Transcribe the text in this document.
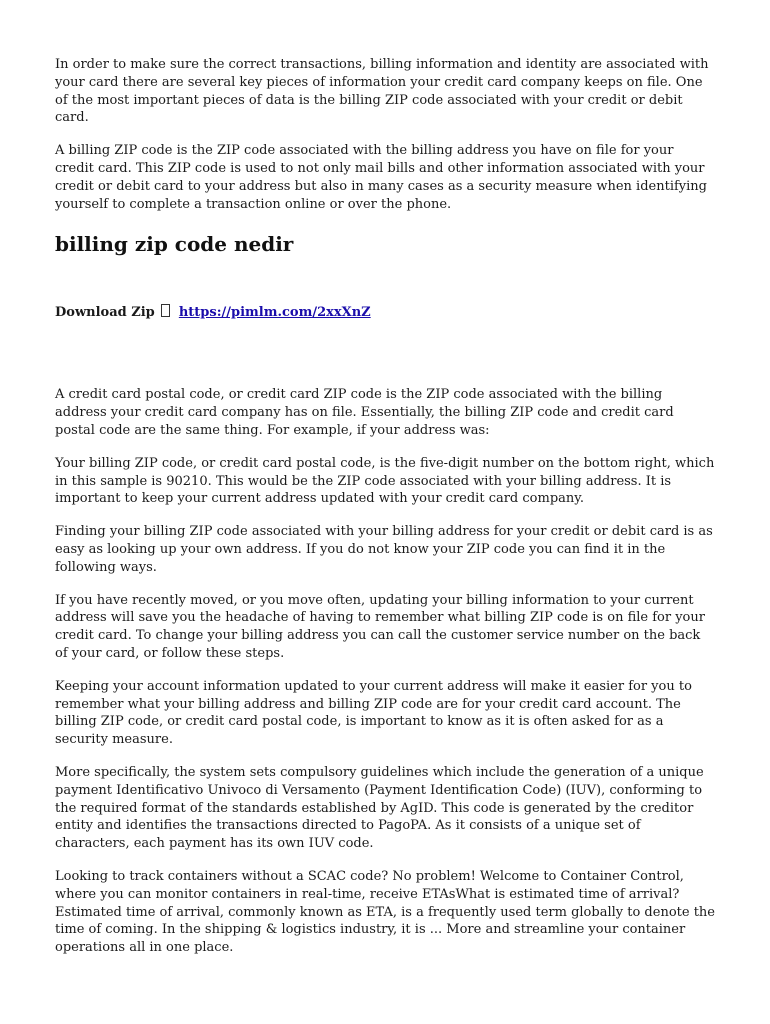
In order to make sure the correct transactions, billing information and identity are associated with your card there are several key pieces of information your credit card company keeps on file. One of the most important pieces of data is the billing ZIP code associated with your credit or debit card.

A billing ZIP code is the ZIP code associated with the billing address you have on file for your credit card. This ZIP code is used to not only mail bills and other information associated with your credit or debit card to your address but also in many cases as a security measure when identifying yourself to complete a transaction online or over the phone.

billing zip code nedir
Download Zip https://pimlm.com/2xxXnZ

A credit card postal code, or credit card ZIP code is the ZIP code associated with the billing address your credit card company has on file. Essentially, the billing ZIP code and credit card postal code are the same thing. For example, if your address was:

Your billing ZIP code, or credit card postal code, is the five-digit number on the bottom right, which in this sample is 90210. This would be the ZIP code associated with your billing address. It is important to keep your current address updated with your credit card company.

Finding your billing ZIP code associated with your billing address for your credit or debit card is as easy as looking up your own address. If you do not know your ZIP code you can find it in the following ways.

If you have recently moved, or you move often, updating your billing information to your current address will save you the headache of having to remember what billing ZIP code is on file for your credit card. To change your billing address you can call the customer service number on the back of your card, or follow these steps.

Keeping your account information updated to your current address will make it easier for you to remember what your billing address and billing ZIP code are for your credit card account. The billing ZIP code, or credit card postal code, is important to know as it is often asked for as a security measure.

More specifically, the system sets compulsory guidelines which include the generation of a unique payment Identificativo Univoco di Versamento (Payment Identification Code) (IUV), conforming to the required format of the standards established by AgID. This code is generated by the creditor entity and identifies the transactions directed to PagoPA. As it consists of a unique set of characters, each payment has its own IUV code.

Looking to track containers without a SCAC code? No problem! Welcome to Container Control, where you can monitor containers in real-time, receive ETAsWhat is estimated time of arrival? Estimated time of arrival, commonly known as ETA, is a frequently used term globally to denote the time of coming. In the shipping & logistics industry, it is ... More and streamline your container operations all in one place.
